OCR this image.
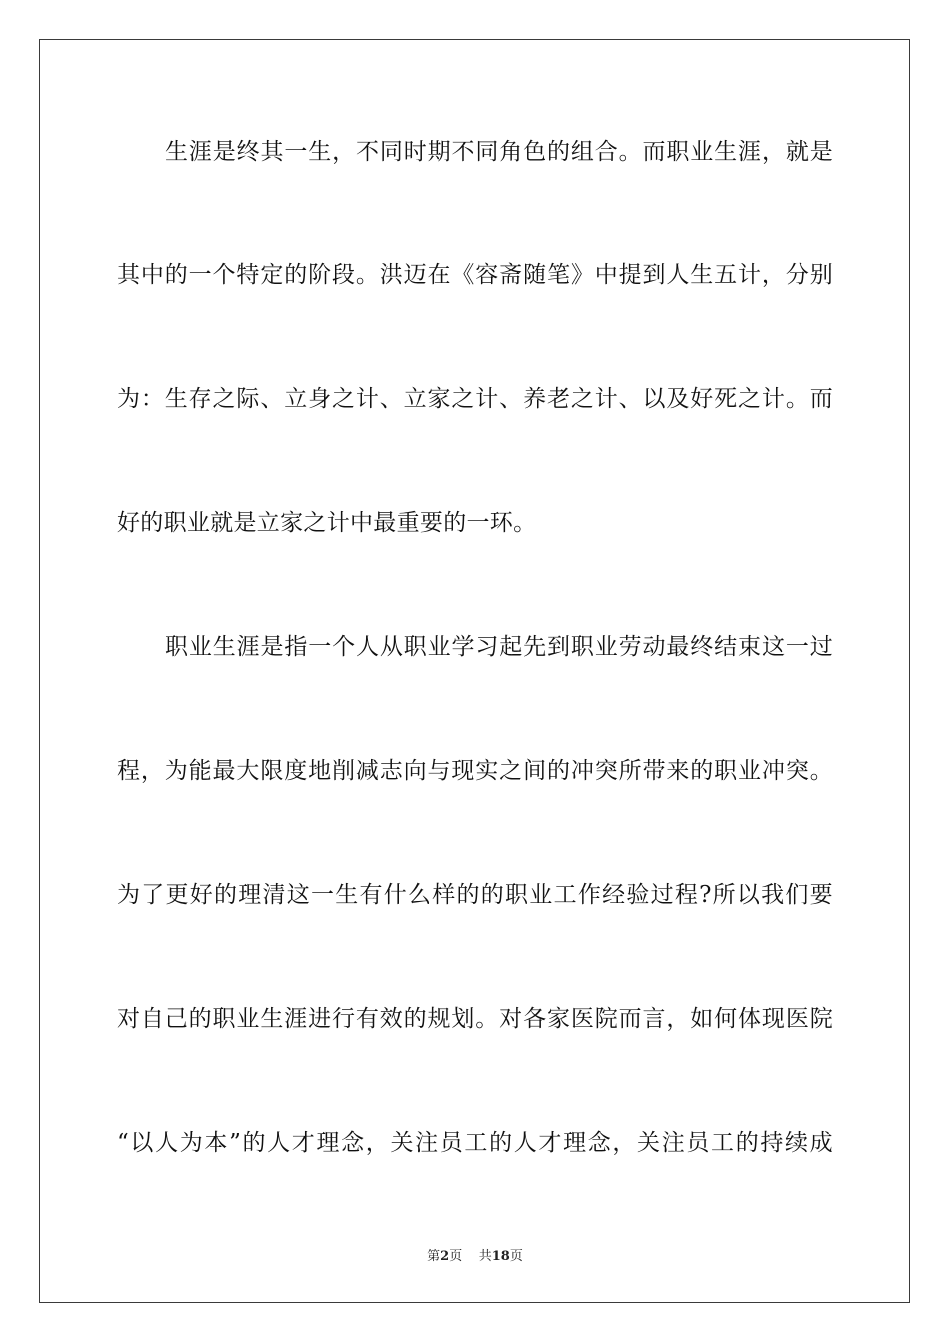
生涯是终其一生，不同时期不同角色的组合。而职业生涯，就是
其中的一个特定的阶段。洪迈在《容斋随笔》中提到人生五计，分别
为：生存之际、立身之计、立家之计、养老之计、以及好死之计。而
好的职业就是立家之计中最重要的一环。
职业生涯是指一个人从职业学习起先到职业劳动最终结束这一过
程，为能最大限度地削减志向与现实之间的冲突所带来的职业冲突。
为了更好的理清这一生有什么样的的职业工作经验过程?所以我们要
对自己的职业生涯进行有效的规划。对各家医院而言，如何体现医院
“以人为本”的人才理念，关注员工的人才理念，关注员工的持续成
第2页 共18页
